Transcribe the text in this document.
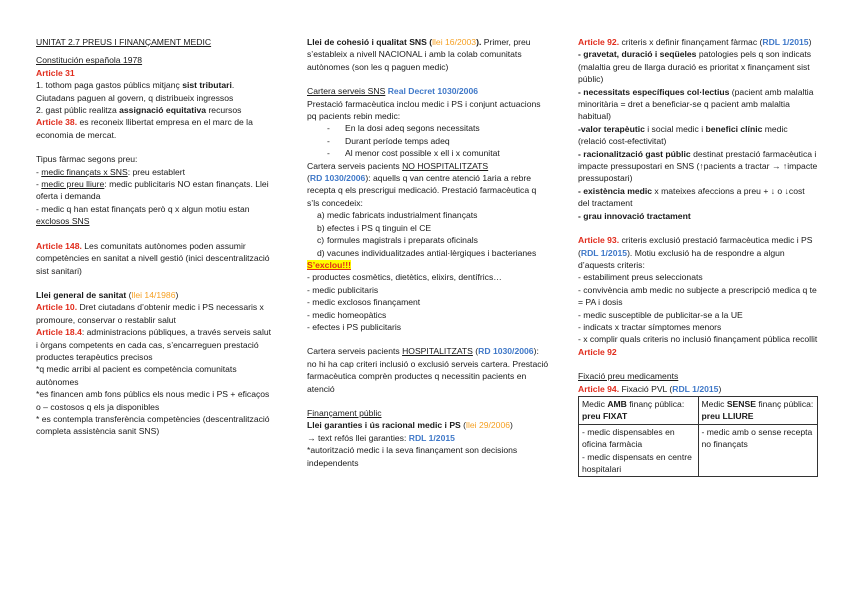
UNITAT 2.7 PREUS I FINANÇAMENT MEDIC

Constitución española 1978

Article 31

1. tothom paga gastos públics mitjanç sist tributari. Ciutadans paguen al govern, q distribueix ingressos

2. gast públic realitza assignació equitativa recursos

Article 38. es reconeix llibertat empresa en el marc de la economia de mercat.

Tipus fàrmac segons preu:

- medic finançats x SNS: preu establert

- medic preu lliure: medic publicitaris NO estan finançats. Llei oferta i demanda

- medic q han estat finançats però q x algun motiu estan exclosos SNS

Article 148. Les comunitats autònomes poden assumir competències en sanitat a nivell gestió (inici descentralització sist sanitari)

Llei general de sanitat (llei 14/1986)

Article 10. Dret ciutadans d’obtenir medic i PS necessaris x promoure, conservar o restablir salut

Article 18.4: administracions públiques, a través serveis salut i òrgans competents en cada cas, s’encarreguen prestació productes terapèutics precisos

*q medic arribi al pacient es competència comunitats autònomes

*es financen amb fons públics els nous medic i PS + eficaços o – costosos q els ja disponibles

* es contempla transferència competències (descentralització completa assistència sanit SNS)

Llei de cohesió i qualitat SNS (llei 16/2003). Primer, preu s’estableix a nivell NACIONAL i amb la colab comunitats autònomes (son les q paguen medic)

Cartera serveis SNS Real Decret 1030/2006

Prestació farmacèutica inclou medic i PS i conjunt actuacions pq pacients rebin medic:

- En la dosi adeq segons necessitats
- Durant període temps adeq
- Al menor cost possible x ell i x comunitat

Cartera serveis pacients NO HOSPITALITZATS

(RD 1030/2006): aquells q van centre atenció 1aria a rebre recepta q els prescrigui medicació. Prestació farmacèutica q s’ls concedeix:

a) medic fabricats industrialment finançats
b) efectes i PS q tinguin el CE
c) formules magistrals i preparats oficinals
d) vacunes individualitzades antial·lèrgiques i bacterianes

S’exclou!!!

- productes cosmètics, dietètics, elixirs, dentífrics…

- medic publicitaris

- medic exclosos finançament

- medic homeopàtics

- efectes i PS publicitaris

Cartera serveis pacients HOSPITALITZATS (RD 1030/2006): no hi ha cap criteri inclusió o exclusió serveis cartera. Prestació farmacèutica comprèn productes q necessitin pacients en atenció

Finançament públic

Llei garanties i ús racional medic i PS (llei 29/2006)

→ text refós llei garanties: RDL 1/2015

*autorització medic i la seva finançament son decisions independents

Article 92. criteris x definir finançament fàrmac (RDL 1/2015)

- gravetat, duració i seqüeles patologies pels q son indicats (malaltia greu de llarga duració es prioritat x finançament sist públic)

- necessitats específiques col·lectius (pacient amb malaltia minoritària = dret a beneficiar-se q pacient amb malaltia habitual)

-valor terapèutic i social medic i benefici clínic medic (relació cost-efectivitat)

- racionalització gast públic destinat prestació farmacèutica i impacte pressupostari en SNS (↑pacients a tractar → ↑impacte pressupostari)

- existència medic x mateixes afeccions a preu + ↓ o ↓cost del tractament

- grau innovació tractament

Article 93. criteris exclusió prestació farmacèutica medic i PS (RDL 1/2015). Motiu exclusió ha de respondre a algun d’aquests criteris:

- estabiliment preus seleccionats

- convivència amb medic no subjecte a prescripció medica q te = PA i dosis

- medic susceptible de publicitar-se a la UE

- indicats x tractar símptomes menors

- x complir quals criteris no inclusió finançament pública recollit Article 92

Fixació preu medicaments

Article 94. Fixació PVL (RDL 1/2015)

Medic AMB finanç pública: preu FIXAT	Medic SENSE finanç pública: preu LLIURE

- medic dispensables en oficina farmàcia

- medic dispensats en centre hospitalari	- medic amb o sense recepta no finançats
